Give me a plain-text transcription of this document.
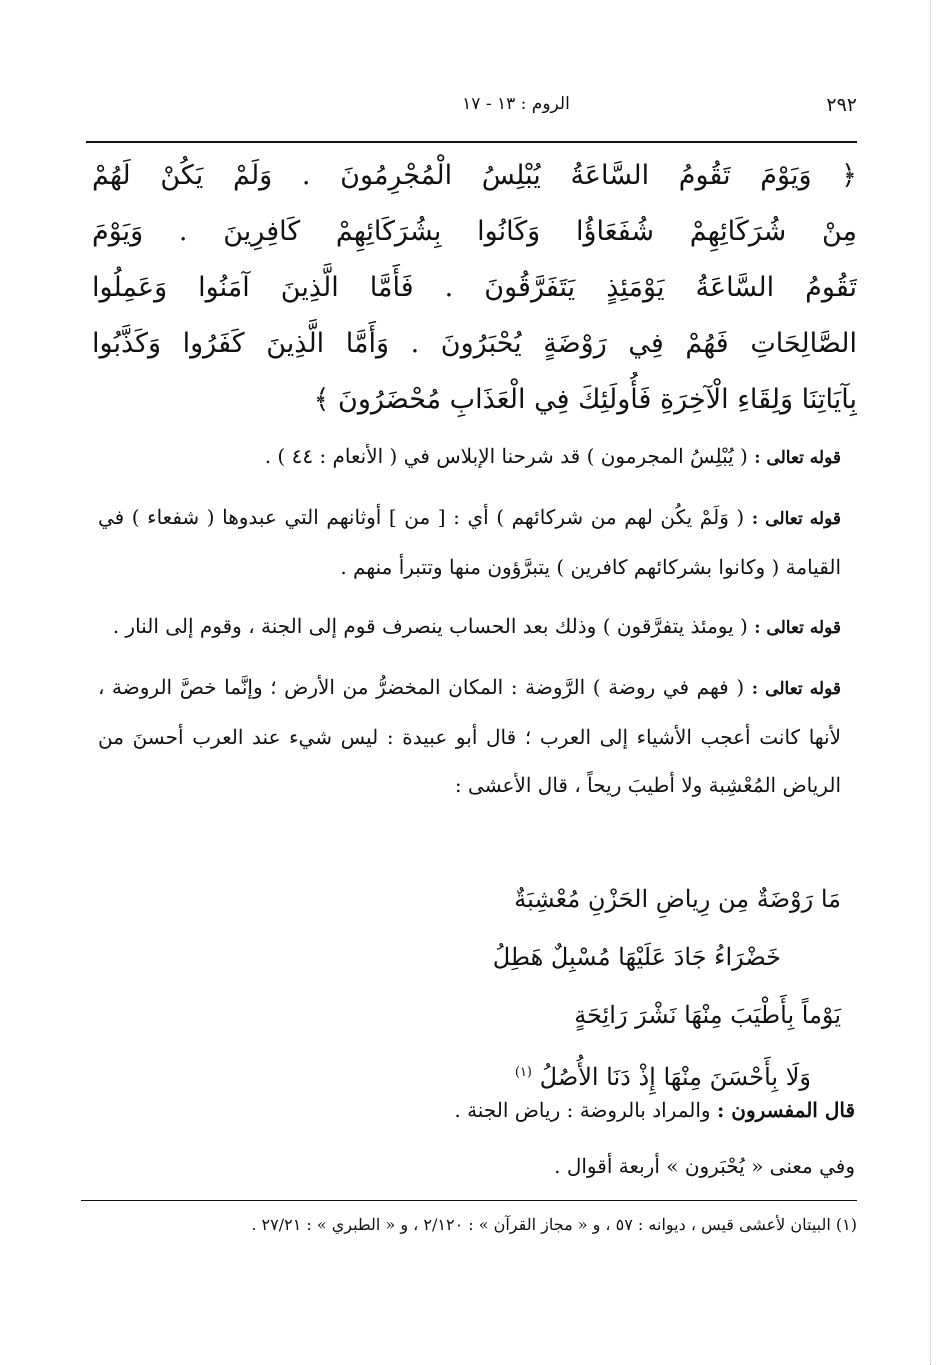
٢٩٢
الروم : ١٣ - ١٧
﴿ وَيَوْمَ تَقُومُ السَّاعَةُ يُبْلِسُ الْمُجْرِمُونَ . وَلَمْ يَكُنْ لَهُمْ
مِنْ شُرَكَائِهِمْ شُفَعَاؤُا وَكَانُوا بِشُرَكَائِهِمْ كَافِرِينَ . وَيَوْمَ
تَقُومُ السَّاعَةُ يَوْمَئِذٍ يَتَفَرَّقُونَ . فَأَمَّا الَّذِينَ آمَنُوا وَعَمِلُوا
الصَّالِحَاتِ فَهُمْ فِي رَوْضَةٍ يُحْبَرُونَ . وَأَمَّا الَّذِينَ كَفَرُوا وَكَذَّبُوا
بِآيَاتِنَا وَلِقَاءِ الْآخِرَةِ فَأُولَئِكَ فِي الْعَذَابِ مُحْضَرُونَ ﴾

قوله تعالى : ( يُبْلِسُ المجرمون ) قد شرحنا الإبلاس في ( الأنعام : ٤٤ ) .

قوله تعالى : ( وَلَمْ يكُن لهم من شركائهم ) أي : [ من ] أوثانهم التي عبدوها ( شفعاء ) في القيامة ( وكانوا بشركائهم كافرين ) يتبرَّؤون منها وتتبرأ منهم .

قوله تعالى : ( يومئذ يتفرَّقون ) وذلك بعد الحساب ينصرف قوم إلى الجنة ، وقوم إلى النار .

قوله تعالى : ( فهم في روضة ) الرَّوضة : المكان المخضرُّ من الأرض ؛ وإنَّما خصَّ الروضة ، لأنها كانت أعجب الأشياء إلى العرب ؛ قال أبو عبيدة : ليس شيء عند العرب أحسنَ من الرياض المُعْشِبة ولا أطيبَ ريحاً ، قال الأعشى :

مَا رَوْضَةٌ مِن رِياضِ الحَزْنِ مُعْشِبَةٌ
خَضْرَاءُ جَادَ عَلَيْهَا مُسْبِلٌ هَطِلُ
يَوْماً بِأَطْيَبَ مِنْهَا نَشْرَ رَائِحَةٍ
وَلَا بِأَحْسَنَ مِنْهَا إِذْ دَنَا الأُصُلُ $^{(١)}$

قال المفسرون : والمراد بالروضة : رياض الجنة .

وفي معنى « يُحْبَرون » أربعة أقوال .

(١) البيتان لأعشى قيس ، ديوانه : ٥٧ ، و « مجاز القرآن » : ٢/١٢٠ ، و « الطبري » : ٢٧/٢١ .
